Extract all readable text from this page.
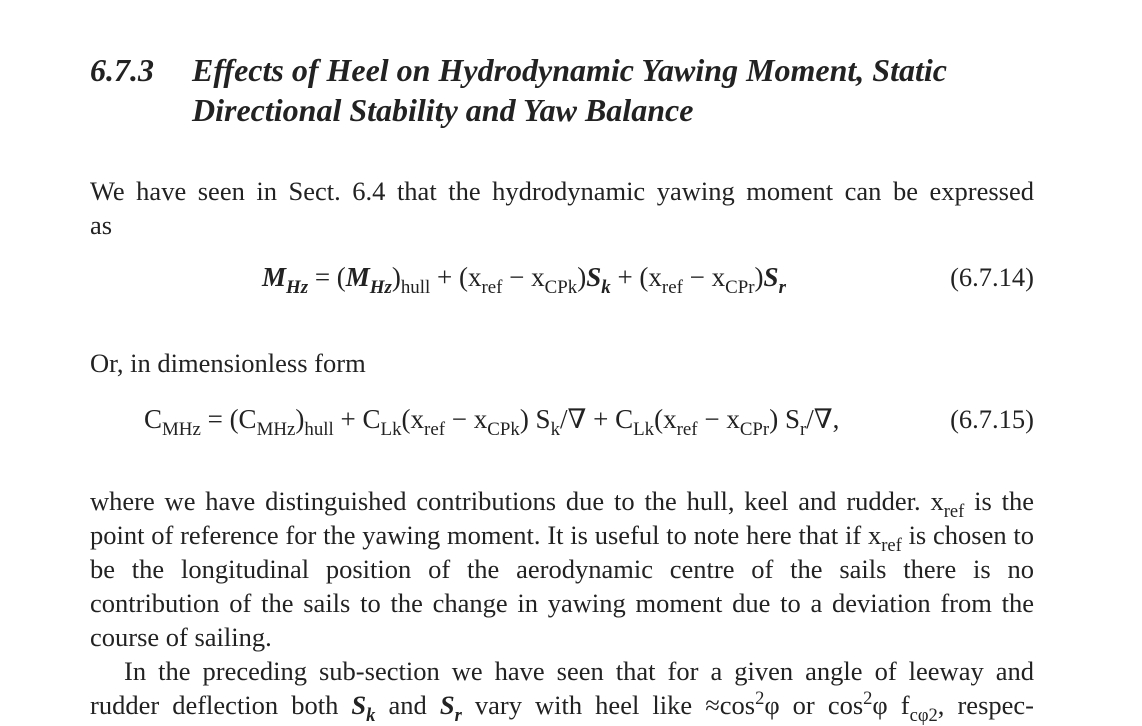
6.7.3 Effects of Heel on Hydrodynamic Yawing Moment, Static Directional Stability and Yaw Balance
We have seen in Sect. 6.4 that the hydrodynamic yawing moment can be expressed
as
$M_{Hz} = (M_{Hz})_{hull} + (x_{ref} - x_{CPk})S_k + (x_{ref} - x_{CPr})S_r$	(6.7.14)
Or, in dimensionless form
$C_{MHz} = (C_{MHz})_{hull} + C_{Lk}(x_{ref} - x_{CPk}) S_k/\nabla + C_{Lk}(x_{ref} - x_{CPr})$ $S_r/\nabla$,	(6.7.15)
where we have distinguished contributions due to the hull, keel and rudder. $x_{ref}$ is the point of reference for the yawing moment. It is useful to note here that if $x_{ref}$ is chosen to be the longitudinal position of the aerodynamic centre of the sails there is no contribution of the sails to the change in yawing moment due to a deviation from the course of sailing.
In the preceding sub-section we have seen that for a given angle of leeway and rudder deflection both $S_k$ and $S_r$ vary with heel like $\approx\cos^2\varphi$ or $\cos^2\varphi$ $f_{c\varphi 2}$, respec-
